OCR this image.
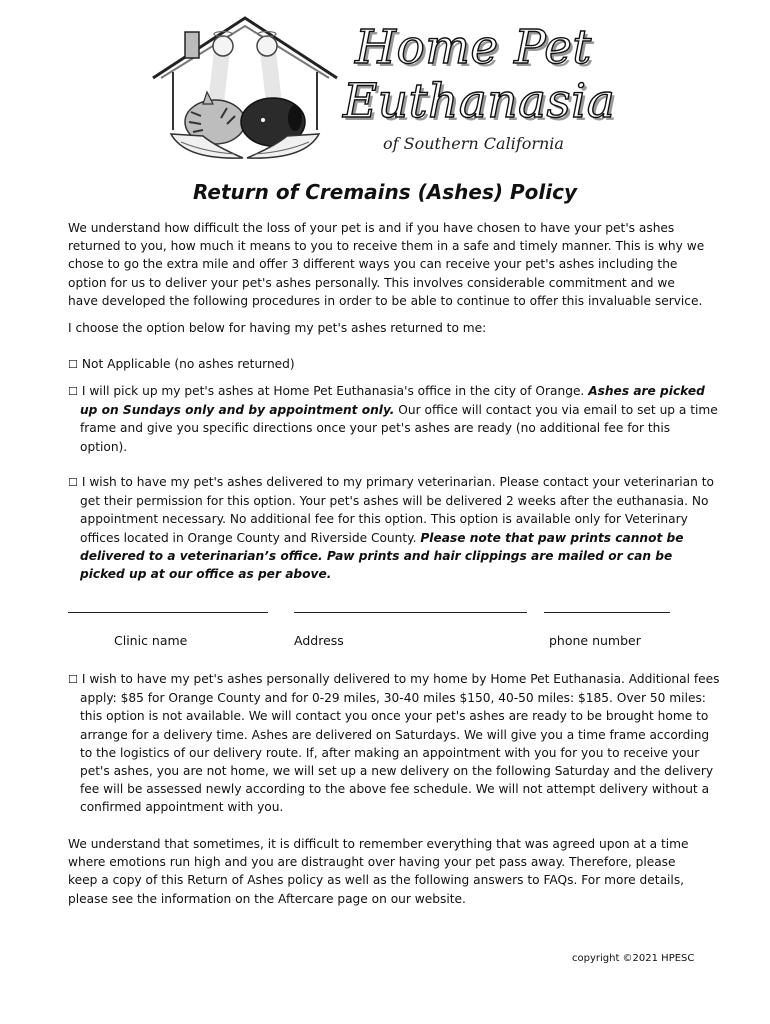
Home Pet
Euthanasia
of Southern California
Return of Cremains (Ashes) Policy

We understand how difficult the loss of your pet is and if you have chosen to have your pet's ashes returned to you, how much it means to you to receive them in a safe and timely manner. This is why we chose to go the extra mile and offer 3 different ways you can receive your pet's ashes including the option for us to deliver your pet's ashes personally. This involves considerable commitment and we have developed the following procedures in order to be able to continue to offer this invaluable service.

I choose the option below for having my pet's ashes returned to me:

☐ Not Applicable (no ashes returned)

☐ I will pick up my pet's ashes at Home Pet Euthanasia's office in the city of Orange. Ashes are picked up on Sundays only and by appointment only. Our office will contact you via email to set up a time frame and give you specific directions once your pet's ashes are ready (no additional fee for this option).

☐ I wish to have my pet's ashes delivered to my primary veterinarian. Please contact your veterinarian to get their permission for this option. Your pet's ashes will be delivered 2 weeks after the euthanasia. No appointment necessary. No additional fee for this option. This option is available only for Veterinary offices located in Orange County and Riverside County. Please note that paw prints cannot be delivered to a veterinarian’s office. Paw prints and hair clippings are mailed or can be picked up at our office as per above.

Clinic name	Address	phone number

☐ I wish to have my pet's ashes personally delivered to my home by Home Pet Euthanasia. Additional fees apply: $85 for Orange County and for 0-29 miles, 30-40 miles $150, 40-50 miles: $185. Over 50 miles: this option is not available. We will contact you once your pet's ashes are ready to be brought home to arrange for a delivery time. Ashes are delivered on Saturdays. We will give you a time frame according to the logistics of our delivery route. If, after making an appointment with you for you to receive your pet's ashes, you are not home, we will set up a new delivery on the following Saturday and the delivery fee will be assessed newly according to the above fee schedule. We will not attempt delivery without a confirmed appointment with you.

We understand that sometimes, it is difficult to remember everything that was agreed upon at a time where emotions run high and you are distraught over having your pet pass away. Therefore, please keep a copy of this Return of Ashes policy as well as the following answers to FAQs. For more details, please see the information on the Aftercare page on our website.

copyright ©2021 HPESC
